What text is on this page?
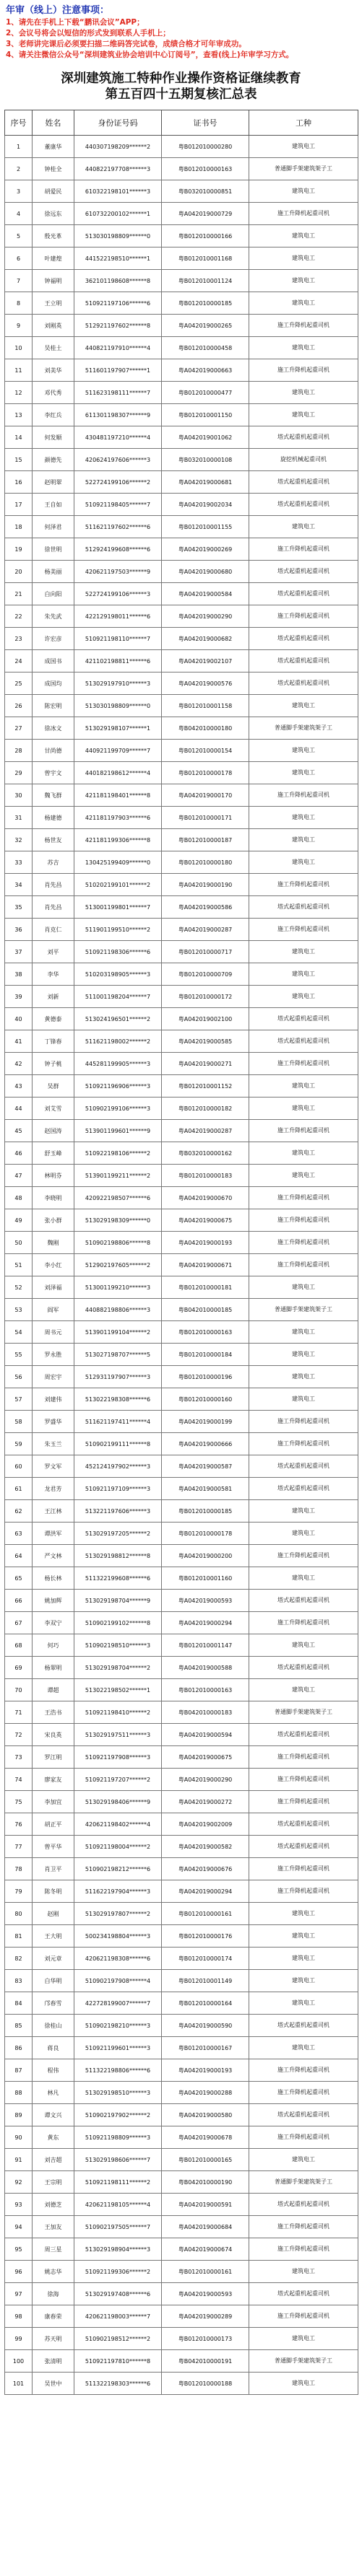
年审（线上）注意事项：
1、请先在手机上下载“鹏讯会议”APP；
2、会议号将会以短信的形式发到联系人手机上；
3、老师讲完课后必须要扫描二维码答完试卷，成绩合格才可年审成功。
4、请关注微信公众号“深圳建筑业协会培训中心订阅号”，查看(线上)年审学习方式。
深圳建筑施工特种作业操作资格证继续教育
第五百四十五期复核汇总表
序号	姓名	身份证号码	证书号	工种
1	董康华	440307198209******2	粤B012010000280	建筑电工
2	钟桂全	440822197708******3	粤B012010000163	普通脚手架建筑架子工
3	胡爱民	610322198101******3	粤B032010000851	建筑电工
4	徐远东	610732200102******1	粤A042019000729	施工升降机起重司机
5	殷光革	513030198809******0	粤B012010000166	建筑电工
6	叶建煌	441522198510******1	粤B012010001168	建筑电工
7	钟福明	362101198608******8	粤B012010001124	建筑电工
8	王立明	510921197106******6	粤B012010000185	建筑电工
9	刘刚英	512921197602******8	粤A042019000265	施工升降机起重司机
10	吴桂土	440821197910******4	粤B012010000458	建筑电工
11	刘美华	511601197907******1	粤A042019000663	施工升降机起重司机
12	邓代秀	511623198111******7	粤B012010000477	建筑电工
13	李红兵	611301198307******9	粤B012010001150	建筑电工
14	何发顺	430481197210******4	粤A042019001062	塔式起重机起重司机
15	颜德先	420624197606******3	粤B032010000108	旋挖机械起重司机
16	赵明翠	522724199106******2	粤A042019000681	塔式起重机起重司机
17	王自如	510921198405******7	粤A042019002034	塔式起重机起重司机
18	何泽君	511621197602******6	粤B012010001155	建筑电工
19	徐世明	512924199608******6	粤A042019000269	施工升降机起重司机
20	杨美丽	420621197503******9	粤A042019000680	塔式起重机起重司机
21	白向阳	522724199106******3	粤A042019000584	塔式起重机起重司机
22	朱先武	422129198011******6	粤A042019000290	施工升降机起重司机
23	许宏彦	510921198110******7	粤A042019000682	塔式起重机起重司机
24	成国书	421102198811******6	粤A042019002107	塔式起重机起重司机
25	成国均	513029197910******3	粤A042019000576	塔式起重机起重司机
26	陈宏明	513030198809******0	粤B012010001158	建筑电工
27	徐冰文	513029198107******1	粤B042010000180	普通脚手架建筑架子工
28	甘尚德	440921199709******7	粤B012010000154	建筑电工
29	曾宇文	440182198612******4	粤B012010000178	建筑电工
30	魏飞群	421181198401******8	粤A042019000170	施工升降机起重司机
31	杨建德	421181197903******6	粤B012010000171	建筑电工
32	杨世友	421181199306******8	粤B012010000187	建筑电工
33	苏吉	130425199409******0	粤B012010000180	建筑电工
34	肖先昌	510202199101******2	粤A042019000190	施工升降机起重司机
35	肖先昌	513001199801******7	粤A042019000586	塔式起重机起重司机
36	肖克仁	511901199510******2	粤A042019000287	施工升降机起重司机
37	刘平	510921198306******6	粤B012010000717	建筑电工
38	李华	510203198905******3	粤B012010000709	建筑电工
39	刘新	511001198204******7	粤B012010000172	建筑电工
40	黄德泰	513024196501******2	粤A042019002100	塔式起重机起重司机
41	丁锋春	511621198002******2	粤A042019000585	塔式起重机起重司机
42	钟子桃	445281199905******3	粤A042019000271	施工升降机起重司机
43	吴群	510921196906******3	粤B012010001152	建筑电工
44	刘艾雪	510902199106******3	粤B012010000182	建筑电工
45	赵国涛	513901199601******9	粤A042019000287	施工升降机起重司机
46	舒玉峰	510922198106******2	粤B032010000162	建筑电工
47	林明芬	513901199211******2	粤B012010000183	建筑电工
48	李晓明	420922198507******6	粤A042019000670	施工升降机起重司机
49	张小群	513029198309******0	粤A042019000675	施工升降机起重司机
50	魏刚	510902198806******8	粤A042019000193	施工升降机起重司机
51	李小红	512902197605******2	粤A042019000671	施工升降机起重司机
52	刘泽福	513001199210******3	粤B012010000181	建筑电工
53	阎军	440882198806******3	粤B042010000185	普通脚手架建筑架子工
54	周书元	513901199104******2	粤B012010000163	建筑电工
55	罗永胜	513027198707******5	粤B012010000184	建筑电工
56	周宏宇	512931197907******3	粤B012010000196	建筑电工
57	刘建伟	513022198308******6	粤B012010000160	建筑电工
58	罗盛华	511621197411******4	粤A042019000199	施工升降机起重司机
59	朱玉兰	510902199111******8	粤A042019000666	施工升降机起重司机
60	罗文军	452124197902******3	粤A042019000587	塔式起重机起重司机
61	龙君芳	510921197109******3	粤A042019000581	塔式起重机起重司机
62	王江林	513221197606******3	粤B012010000185	建筑电工
63	谭洪军	513029197205******2	粤B012010000178	建筑电工
64	严文林	513029198812******8	粤A042019000200	施工升降机起重司机
65	杨长林	511322199608******6	粤B012010001160	建筑电工
66	姚加辉	513029198704******9	粤A042019000593	塔式起重机起重司机
67	李双宁	510902199102******8	粤A042019000294	施工升降机起重司机
68	何巧	510902198510******3	粤B012010001147	建筑电工
69	杨翠明	513029198704******2	粤A042019000588	塔式起重机起重司机
70	谭超	513022198502******1	粤B012010000163	建筑电工
71	王浩书	510921198410******2	粤B042010000183	普通脚手架建筑架子工
72	宋良英	513029197511******3	粤A042019000594	塔式起重机起重司机
73	罗江明	510921197908******3	粤A042019000675	施工升降机起重司机
74	廖家友	510921197207******2	粤A042019000290	施工升降机起重司机
75	李加宜	513029198406******9	粤A042019000272	施工升降机起重司机
76	胡正平	420621198402******4	粤A042019002009	塔式起重机起重司机
77	曾平华	510921198004******2	粤A042019000582	塔式起重机起重司机
78	肖卫平	510902198212******6	粤A042019000676	施工升降机起重司机
79	陈冬明	511622197904******3	粤A042019000294	施工升降机起重司机
80	赵刚	513029197807******2	粤B012010000161	建筑电工
81	王大明	500234198804******3	粤B012010000176	建筑电工
82	刘元章	420621198308******6	粤B012010000174	建筑电工
83	白华明	510902197908******4	粤B012010001149	建筑电工
84	邝春雪	422728199007******7	粤B012010000164	建筑电工
85	徐桂山	510902198210******3	粤A042019000590	塔式起重机起重司机
86	蒋良	510921199601******3	粤B012010000167	建筑电工
87	程伟	511322198806******6	粤A042019000193	施工升降机起重司机
88	林凡	513029198510******3	粤A042019000288	施工升降机起重司机
89	谭文兴	510902197902******2	粤A042019000580	塔式起重机起重司机
90	黄东	510921198809******3	粤A042019000678	施工升降机起重司机
91	刘吉超	513029198606******7	粤B012010000165	建筑电工
92	王宗明	510921198111******2	粤B042010000190	普通脚手架建筑架子工
93	刘德芝	420621198105******4	粤A042019000591	塔式起重机起重司机
94	王加友	510902197505******7	粤A042019000684	施工升降机起重司机
95	周三星	513029198904******3	粤A042019000674	施工升降机起重司机
96	姚志华	510921199306******2	粤B012010000161	建筑电工
97	徐海	513029197408******6	粤A042019000593	塔式起重机起重司机
98	康春荣	420621198003******7	粤A042019000289	施工升降机起重司机
99	苏天明	510902198512******2	粤B012010000173	建筑电工
100	张清明	510921197810******8	粤B042010000191	普通脚手架建筑架子工
101	吴世中	511322198303******6	粤B012010000188	建筑电工
